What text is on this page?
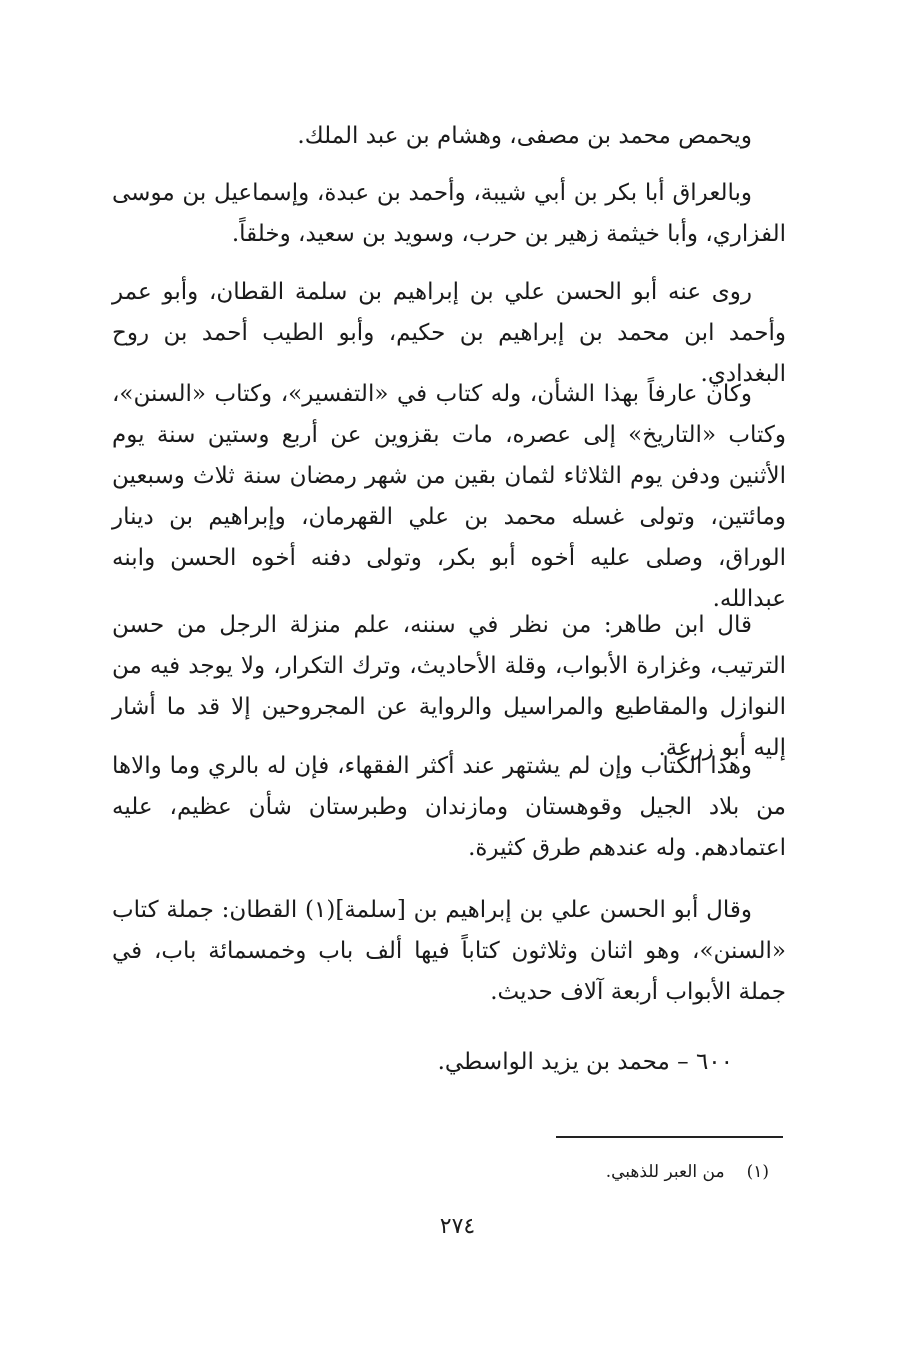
ويحمص محمد بن مصفى، وهشام بن عبد الملك.

وبالعراق أبا بكر بن أبي شيبة، وأحمد بن عبدة، وإسماعيل بن موسى الفزاري، وأبا خيثمة زهير بن حرب، وسويد بن سعيد، وخلقاً.

روى عنه أبو الحسن علي بن إبراهيم بن سلمة القطان، وأبو عمر وأحمد ابن محمد بن إبراهيم بن حكيم، وأبو الطيب أحمد بن روح البغدادي.

وكان عارفاً بهذا الشأن، وله كتاب في «التفسير»، وكتاب «السنن»، وكتاب «التاريخ» إلى عصره، مات بقزوين عن أربع وستين سنة يوم الأثنين ودفن يوم الثلاثاء لثمان بقين من شهر رمضان سنة ثلاث وسبعين ومائتين، وتولى غسله محمد بن علي القهرمان، وإبراهيم بن دينار الوراق، وصلى عليه أخوه أبو بكر، وتولى دفنه أخوه الحسن وابنه عبدالله.

قال ابن طاهر: من نظر في سننه، علم منزلة الرجل من حسن الترتيب، وغزارة الأبواب، وقلة الأحاديث، وترك التكرار، ولا يوجد فيه من النوازل والمقاطيع والمراسيل والرواية عن المجروحين إلا قد ما أشار إليه أبو زرعة.

وهذا الكتاب وإن لم يشتهر عند أكثر الفقهاء، فإن له بالري وما والاها من بلاد الجيل وقوهستان ومازندان وطبرستان شأن عظيم، عليه اعتمادهم. وله عندهم طرق كثيرة.

وقال أبو الحسن علي بن إبراهيم بن [سلمة](١) القطان: جملة كتاب «السنن»، وهو اثنان وثلاثون كتاباً فيها ألف باب وخمسمائة باب، في جملة الأبواب أربعة آلاف حديث.

٦٠٠ – محمد بن يزيد الواسطي.
(١)من العبر للذهبي.
٢٧٤
